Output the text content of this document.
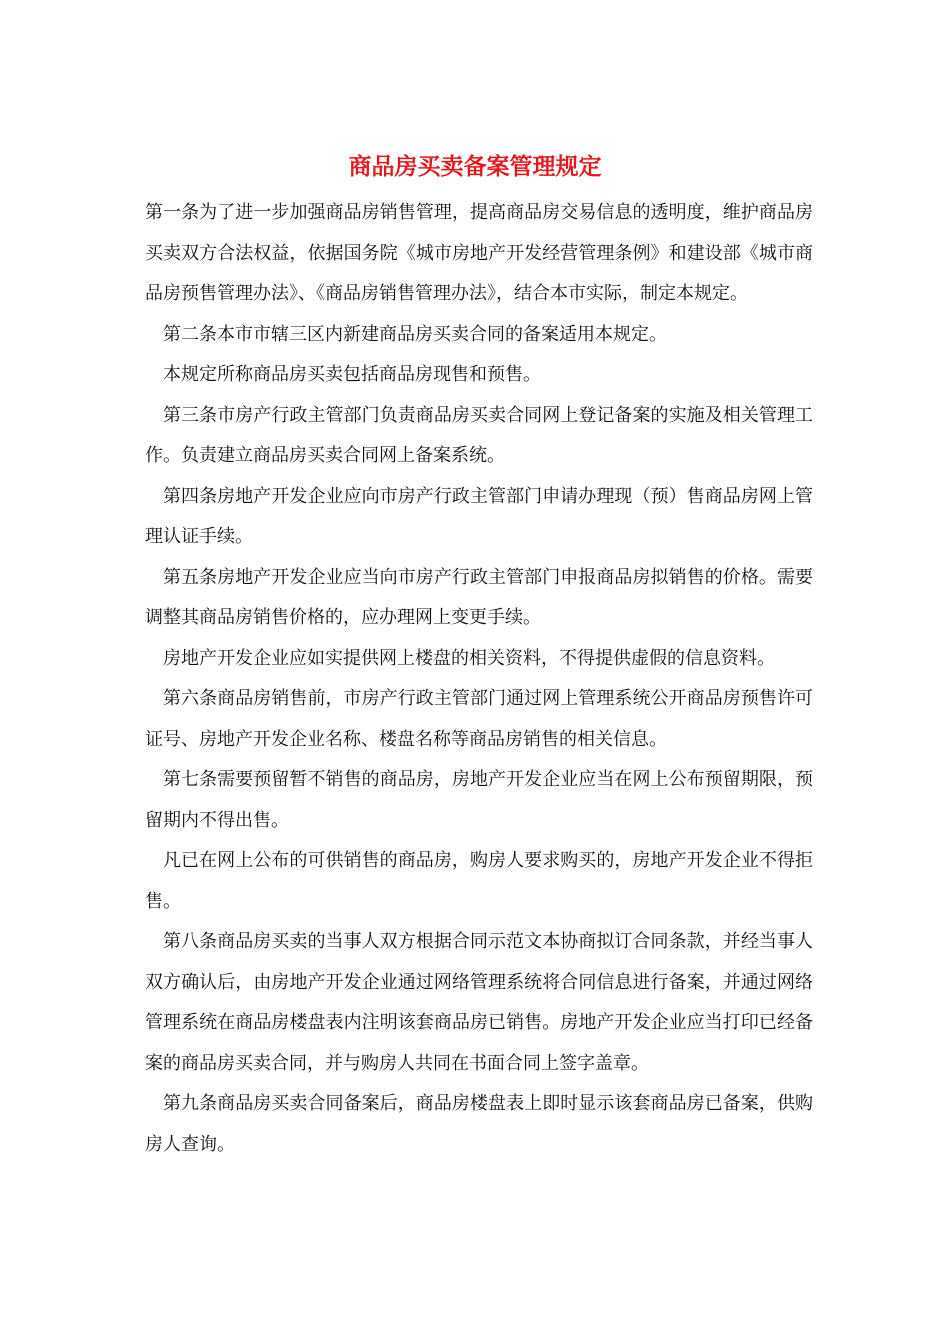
商品房买卖备案管理规定

第一条为了进一步加强商品房销售管理，提高商品房交易信息的透明度，维护商品房买卖双方合法权益，依据国务院《城市房地产开发经营管理条例》和建设部《城市商品房预售管理办法》、《商品房销售管理办法》，结合本市实际，制定本规定。

第二条本市市辖三区内新建商品房买卖合同的备案适用本规定。

本规定所称商品房买卖包括商品房现售和预售。

第三条市房产行政主管部门负责商品房买卖合同网上登记备案的实施及相关管理工作。负责建立商品房买卖合同网上备案系统。

第四条房地产开发企业应向市房产行政主管部门申请办理现（预）售商品房网上管理认证手续。

第五条房地产开发企业应当向市房产行政主管部门申报商品房拟销售的价格。需要调整其商品房销售价格的，应办理网上变更手续。

房地产开发企业应如实提供网上楼盘的相关资料，不得提供虚假的信息资料。

第六条商品房销售前，市房产行政主管部门通过网上管理系统公开商品房预售许可证号、房地产开发企业名称、楼盘名称等商品房销售的相关信息。

第七条需要预留暂不销售的商品房，房地产开发企业应当在网上公布预留期限，预留期内不得出售。

凡已在网上公布的可供销售的商品房，购房人要求购买的，房地产开发企业不得拒售。

第八条商品房买卖的当事人双方根据合同示范文本协商拟订合同条款，并经当事人双方确认后，由房地产开发企业通过网络管理系统将合同信息进行备案，并通过网络管理系统在商品房楼盘表内注明该套商品房已销售。房地产开发企业应当打印已经备案的商品房买卖合同，并与购房人共同在书面合同上签字盖章。

第九条商品房买卖合同备案后，商品房楼盘表上即时显示该套商品房已备案，供购房人查询。
